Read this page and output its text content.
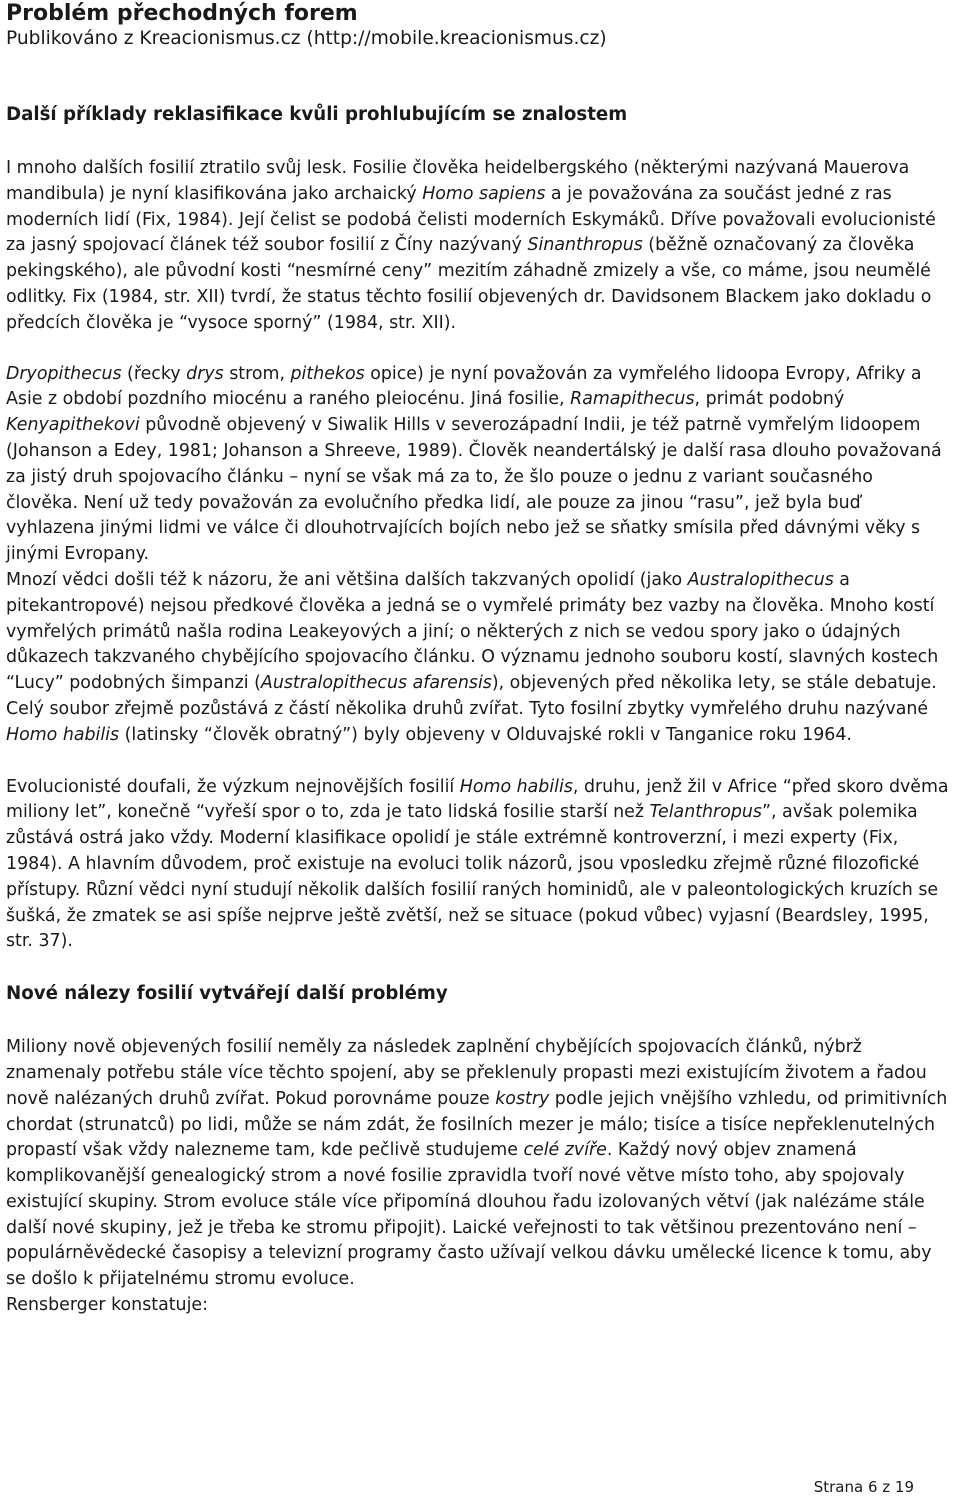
Problém přechodných forem
Publikováno z Kreacionismus.cz (http://mobile.kreacionismus.cz)
Další příklady reklasifikace kvůli prohlubujícím se znalostem

I mnoho dalších fosilií ztratilo svůj lesk. Fosilie člověka heidelbergského (některými nazývaná Mauerova mandibula) je nyní klasifikována jako archaický Homo sapiens a je považována za součást jedné z ras moderních lidí (Fix, 1984). Její čelist se podobá čelisti moderních Eskymáků. Dříve považovali evolucionisté za jasný spojovací článek též soubor fosilií z Číny nazývaný Sinanthropus (běžně označovaný za člověka pekingského), ale původní kosti “nesmírné ceny” mezitím záhadně zmizely a vše, co máme, jsou neumělé odlitky. Fix (1984, str. XII) tvrdí, že status těchto fosilií objevených dr. Davidsonem Blackem jako dokladu o předcích člověka je “vysoce sporný” (1984, str. XII).

Dryopithecus (řecky drys strom, pithekos opice) je nyní považován za vymřelého lidoopa Evropy, Afriky a Asie z období pozdního miocénu a raného pleiocénu. Jiná fosilie, Ramapithecus, primát podobný Kenyapithekovi původně objevený v Siwalik Hills v severozápadní Indii, je též patrně vymřelým lidoopem (Johanson a Edey, 1981; Johanson a Shreeve, 1989). Člověk neandertálský je další rasa dlouho považovaná za jistý druh spojovacího článku – nyní se však má za to, že šlo pouze o jednu z variant současného člověka. Není už tedy považován za evolučního předka lidí, ale pouze za jinou “rasu”, jež byla buď vyhlazena jinými lidmi ve válce či dlouhotrvajících bojích nebo jež se sňatky smísila před dávnými věky s jinými Evropany.

Mnozí vědci došli též k názoru, že ani většina dalších takzvaných opolidí (jako Australopithecus a pitekantropové) nejsou předkové člověka a jedná se o vymřelé primáty bez vazby na člověka. Mnoho kostí vymřelých primátů našla rodina Leakeyových a jiní; o některých z nich se vedou spory jako o údajných důkazech takzvaného chybějícího spojovacího článku. O významu jednoho souboru kostí, slavných kostech “Lucy” podobných šimpanzi (Australopithecus afarensis), objevených před několika lety, se stále debatuje. Celý soubor zřejmě pozůstává z částí několika druhů zvířat. Tyto fosilní zbytky vymřelého druhu nazývané Homo habilis (latinsky “člověk obratný”) byly objeveny v Olduvajské rokli v Tanganice roku 1964.

Evolucionisté doufali, že výzkum nejnovějších fosilií Homo habilis, druhu, jenž žil v Africe “před skoro dvěma miliony let”, konečně “vyřeší spor o to, zda je tato lidská fosilie starší než Telanthropus”, avšak polemika zůstává ostrá jako vždy. Moderní klasifikace opolidí je stále extrémně kontroverzní, i mezi experty (Fix, 1984). A hlavním důvodem, proč existuje na evoluci tolik názorů, jsou vposledku zřejmě různé filozofické přístupy. Různí vědci nyní studují několik dalších fosilií raných hominidů, ale v paleontologických kruzích se šušká, že zmatek se asi spíše nejprve ještě zvětší, než se situace (pokud vůbec) vyjasní (Beardsley, 1995, str. 37).

Nové nálezy fosilií vytvářejí další problémy

Miliony nově objevených fosilií neměly za následek zaplnění chybějících spojovacích článků, nýbrž znamenaly potřebu stále více těchto spojení, aby se překlenuly propasti mezi existujícím životem a řadou nově nalézaných druhů zvířat. Pokud porovnáme pouze kostry podle jejich vnějšího vzhledu, od primitivních chordat (strunatců) po lidi, může se nám zdát, že fosilních mezer je málo; tisíce a tisíce nepřeklenutelných propastí však vždy nalezneme tam, kde pečlivě studujeme celé zvíře. Každý nový objev znamená komplikovanější genealogický strom a nové fosilie zpravidla tvoří nové větve místo toho, aby spojovaly existující skupiny. Strom evoluce stále více připomíná dlouhou řadu izolovaných větví (jak nalézáme stále další nové skupiny, jež je třeba ke stromu připojit). Laické veřejnosti to tak většinou prezentováno není – populárněvědecké časopisy a televizní programy často užívají velkou dávku umělecké licence k tomu, aby se došlo k přijatelnému stromu evoluce.

Rensberger konstatuje:

Strana 6 z 19
